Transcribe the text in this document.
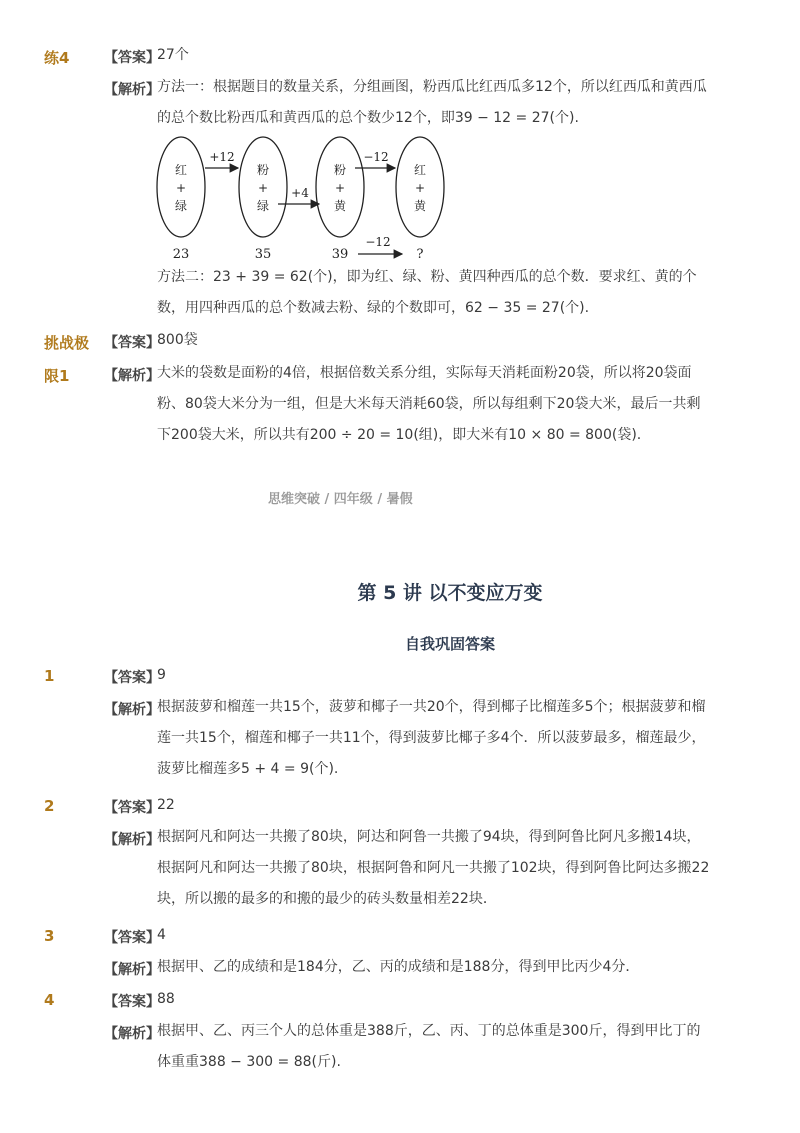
练4 【答案】
27个
【解析】
方法一：根据题目的数量关系，分组画图，粉西瓜比红西瓜多12个，所以红西瓜和黄西瓜
的总个数比粉西瓜和黄西瓜的总个数少12个，即39 − 12 = 27(个).
红
+
绿
粉
+
绿
粉
+
黄
红
+
黄
+12
+4
−12
−12
23	35	39	?
方法二：23 + 39 = 62(个)，即为红、绿、粉、黄四种西瓜的总个数．要求红、黄的个
数，用四种西瓜的总个数减去粉、绿的个数即可，62 − 35 = 27(个).
挑战极
限1
【答案】
800袋
【解析】
大米的袋数是面粉的4倍，根据倍数关系分组，实际每天消耗面粉20袋，所以将20袋面
粉、80袋大米分为一组，但是大米每天消耗60袋，所以每组剩下20袋大米，最后一共剩
下200袋大米，所以共有200 ÷ 20 = 10(组)，即大米有10 × 80 = 800(袋).
思维突破 / 四年级 / 暑假
第 5 讲 以不变应万变
自我巩固答案
1	【答案】
9
【解析】
根据菠萝和榴莲一共15个，菠萝和椰子一共20个，得到椰子比榴莲多5个；根据菠萝和榴
莲一共15个，榴莲和椰子一共11个，得到菠萝比椰子多4个．所以菠萝最多，榴莲最少，
菠萝比榴莲多5 + 4 = 9(个).
2	【答案】
22
【解析】
根据阿凡和阿达一共搬了80块，阿达和阿鲁一共搬了94块，得到阿鲁比阿凡多搬14块，
根据阿凡和阿达一共搬了80块，根据阿鲁和阿凡一共搬了102块，得到阿鲁比阿达多搬22
块，所以搬的最多的和搬的最少的砖头数量相差22块．
3	【答案】
4
【解析】
根据甲、乙的成绩和是184分，乙、丙的成绩和是188分，得到甲比丙少4分．
4	【答案】
88
【解析】
根据甲、乙、丙三个人的总体重是388斤，乙、丙、丁的总体重是300斤，得到甲比丁的
体重重388 − 300 = 88(斤).
